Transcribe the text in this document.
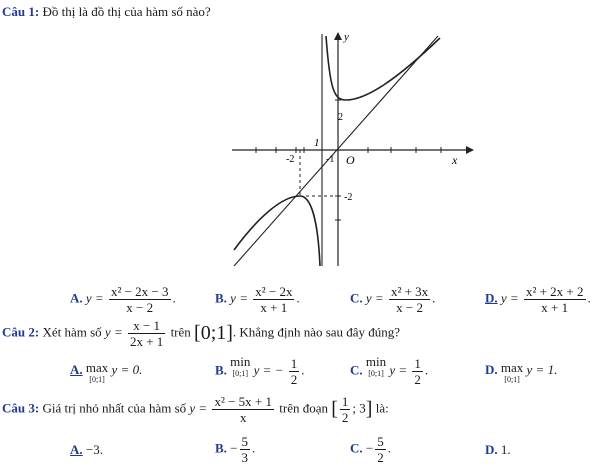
Câu 1: Đồ thị là đồ thị của hàm số nào?
y
x
O
2
1
-1
-2
-2
A. $y = \frac{\text{x² − 2x − 3}}{x - 2}$ .	B. $y = \frac{\text{x² − 2x}}{x + 1}$ .	C. $y = \frac{\text{x² + 3x}}{x - 2}$ .	D. $y = \frac{\text{x² + 2x + 2}}{x + 1}$ .
Câu 2: Xét hàm số $y = \frac{x - 1}{2x + 1}$ trên [0;1]. Khẳng định nào sau đây đúng?
A. max
[0;1]
y = 0.	B. min
[0;1] y = − $\frac{1}{2}$ .	C. min
[0;1] $y = \frac{1}{2}$ .	D. max
[0;1]
y = 1.
Câu 3: Giá trị nhỏ nhất của hàm số $y = \frac{\text{x² − 5x + 1}}{x}$ trên đoạn [ $\frac{1}{2}$ ; 3] là:
A. −3.	B. − $\frac{5}{3}$ .	C. − $\frac{5}{2}$ .	D. 1.
